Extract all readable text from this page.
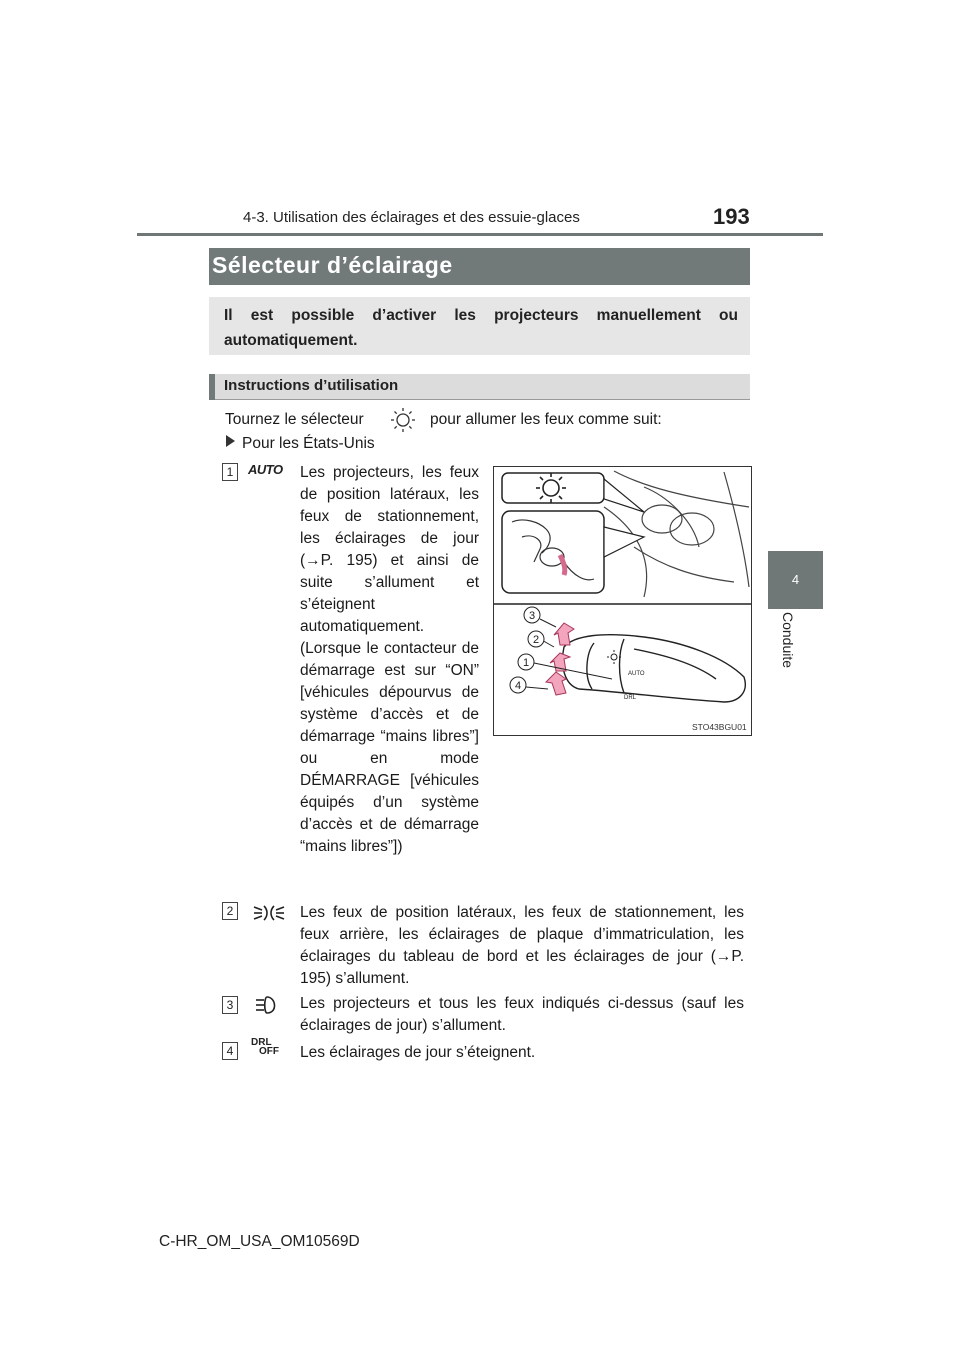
4-3. Utilisation des éclairages et des essuie-glaces	193
4
Conduite
Sélecteur d’éclairage
Il est possible d’activer les projecteurs manuellement ou automatiquement.
Instructions d’utilisation
Tournez le sélecteur	pour allumer les feux comme suit:
Pour les États-Unis
1	AUTO Les projecteurs, les feux de position latéraux, les feux de stationnement, les éclairages de jour (→P. 195) et ainsi de suite s’allument et s’éteignent automatiquement. (Lorsque le contacteur de démarrage est sur “ON” [véhicules dépourvus de système d’accès et de démarrage “mains libres”] ou en mode DÉMARRAGE [véhicules équipés d’un système d’accès et de démarrage “mains libres”])
AUTO
DRL
3
2
1
4
STO43BGU01
2	Les feux de position latéraux, les feux de stationnement, les feux arrière, les éclairages de plaque d’immatriculation, les éclairages du tableau de bord et les éclairages de jour (→P. 195) s’allument.
3	Les projecteurs et tous les feux indiqués ci-dessus (sauf les éclairages de jour) s’allument.
4
DRL
OFF Les éclairages de jour s’éteignent.
C-HR_OM_USA_OM10569D
